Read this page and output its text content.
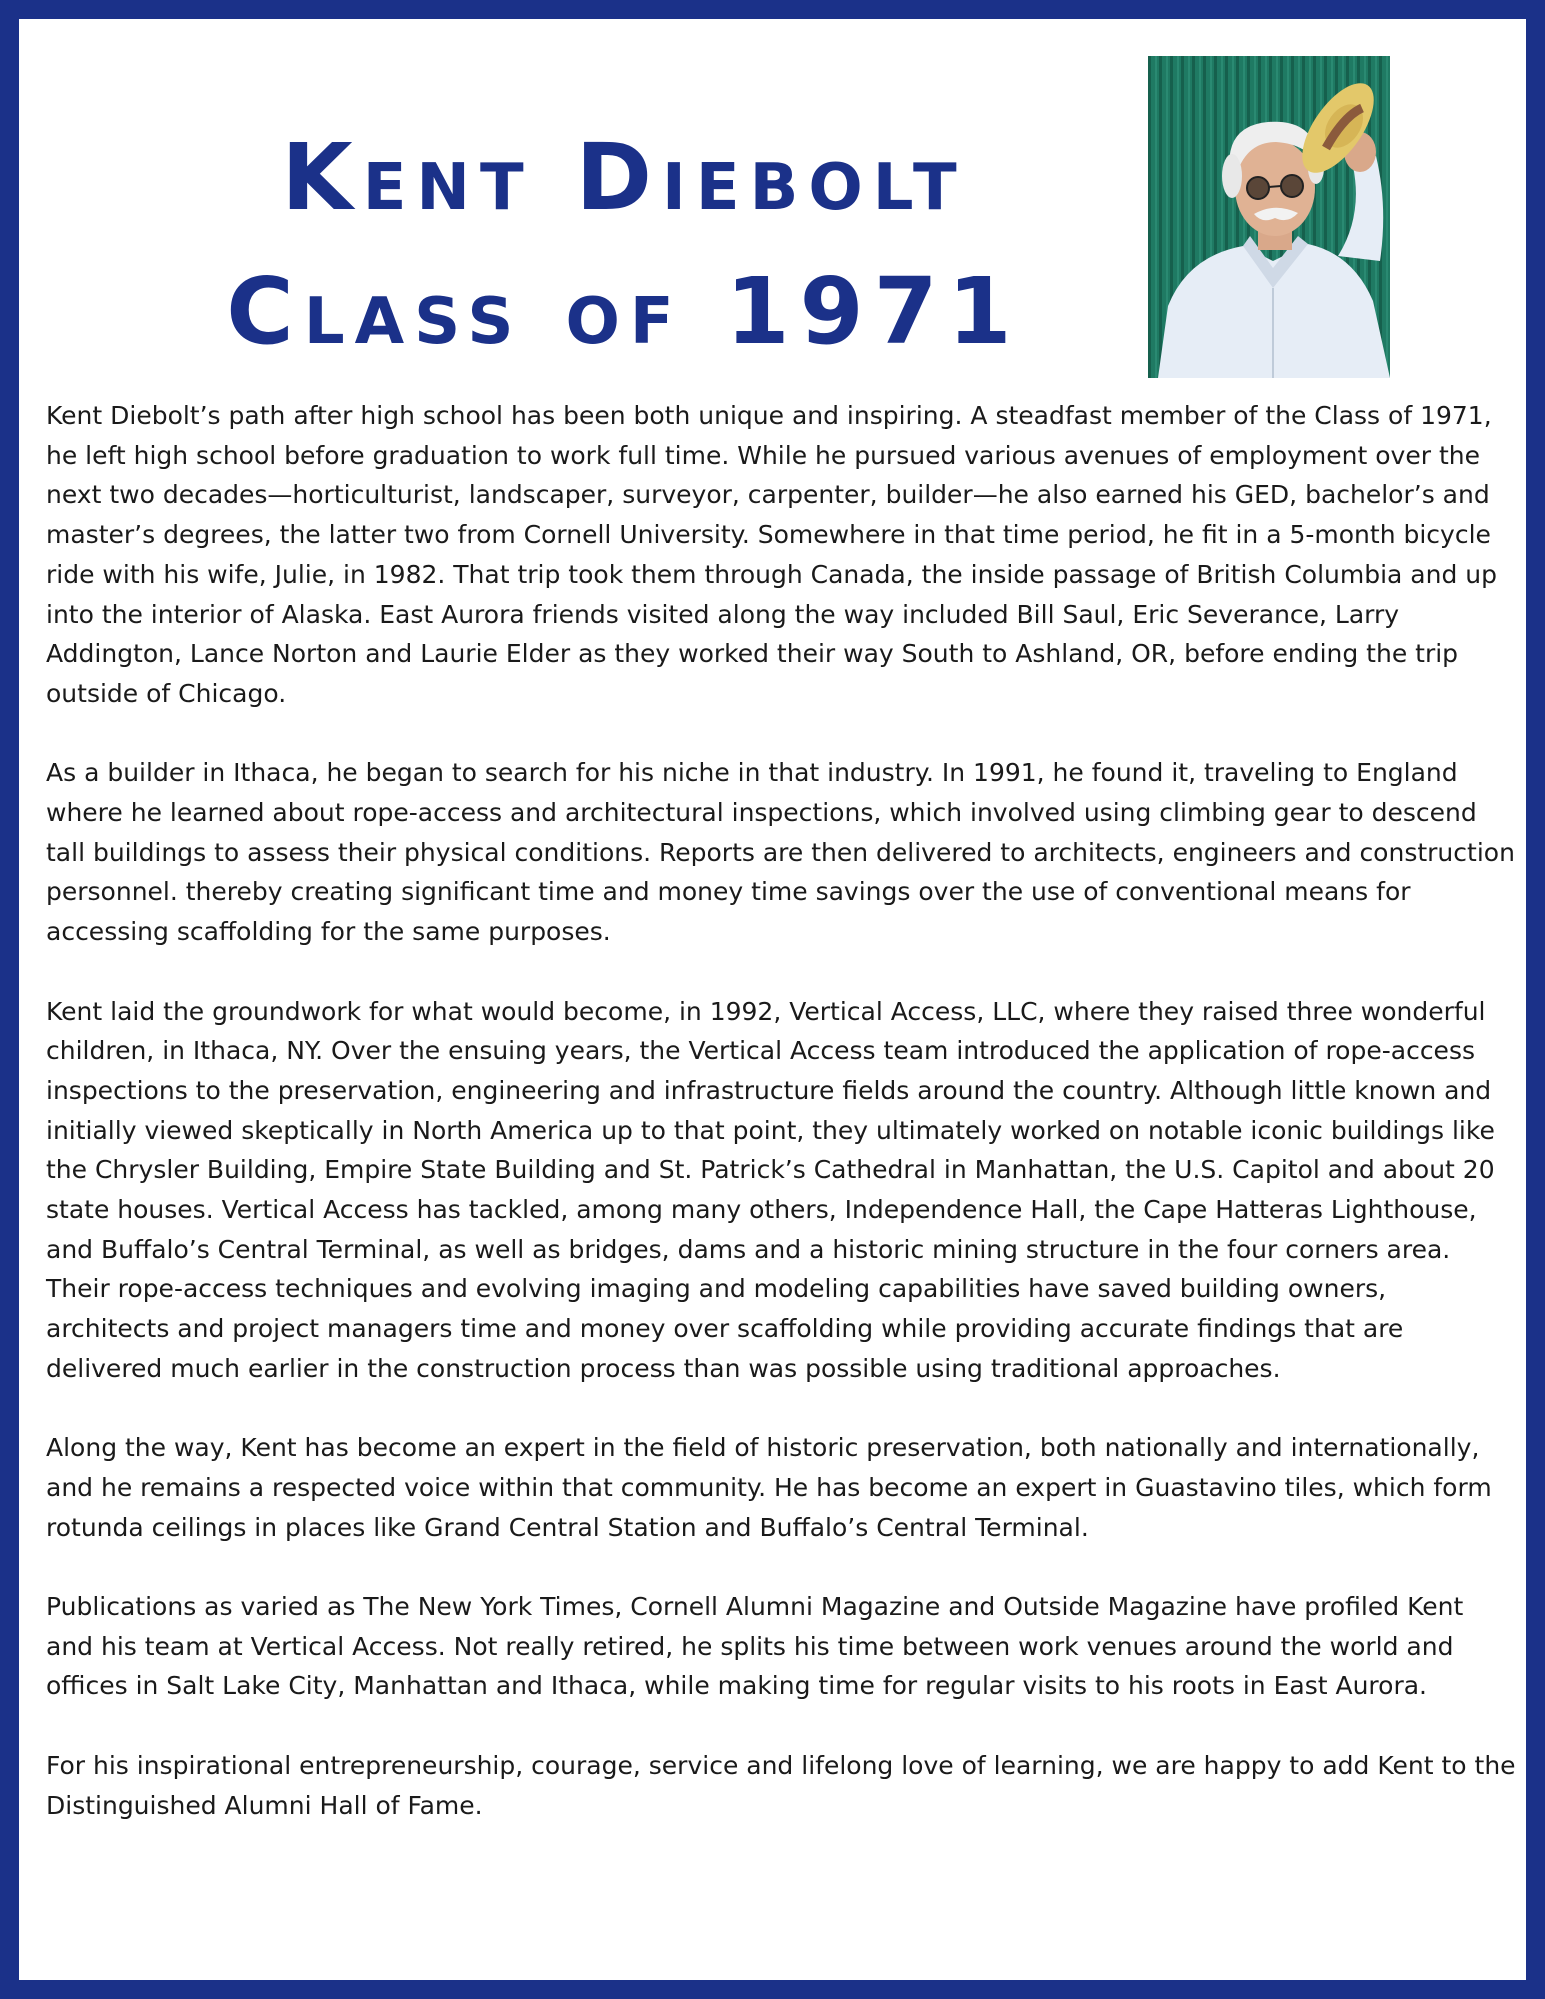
Kent Diebolt
Class of 1971

Kent Diebolt’s path after high school has been both unique and inspiring. A steadfast member of the Class of 1971, he left high school before graduation to work full time. While he pursued various avenues of employment over the next two decades—horticulturist, landscaper, surveyor, carpenter, builder—he also earned his GED, bachelor’s and master’s degrees, the latter two from Cornell University. Somewhere in that time period, he fit in a 5-month bicycle ride with his wife, Julie, in 1982. That trip took them through Canada, the inside passage of British Columbia and up into the interior of Alaska. East Aurora friends visited along the way included Bill Saul, Eric Severance, Larry Addington, Lance Norton and Laurie Elder as they worked their way South to Ashland, OR, before ending the trip outside of Chicago.

As a builder in Ithaca, he began to search for his niche in that industry. In 1991, he found it, traveling to England where he learned about rope-access and architectural inspections, which involved using climbing gear to descend tall buildings to assess their physical conditions. Reports are then delivered to architects, engineers and construction personnel. thereby creating significant time and money time savings over the use of conventional means for accessing scaffolding for the same purposes.

Kent laid the groundwork for what would become, in 1992, Vertical Access, LLC, where they raised three wonderful children, in Ithaca, NY. Over the ensuing years, the Vertical Access team introduced the application of rope-access inspections to the preservation, engineering and infrastructure fields around the country. Although little known and initially viewed skeptically in North America up to that point, they ultimately worked on notable iconic buildings like the Chrysler Building, Empire State Building and St. Patrick’s Cathedral in Manhattan, the U.S. Capitol and about 20 state houses. Vertical Access has tackled, among many others, Independence Hall, the Cape Hatteras Lighthouse, and Buffalo’s Central Terminal, as well as bridges, dams and a historic mining structure in the four corners area. Their rope-access techniques and evolving imaging and modeling capabilities have saved building owners, architects and project managers time and money over scaffolding while providing accurate findings that are delivered much earlier in the construction process than was possible using traditional approaches.

Along the way, Kent has become an expert in the field of historic preservation, both nationally and internationally, and he remains a respected voice within that community. He has become an expert in Guastavino tiles, which form rotunda ceilings in places like Grand Central Station and Buffalo’s Central Terminal.

Publications as varied as The New York Times, Cornell Alumni Magazine and Outside Magazine have profiled Kent and his team at Vertical Access. Not really retired, he splits his time between work venues around the world and offices in Salt Lake City, Manhattan and Ithaca, while making time for regular visits to his roots in East Aurora.

For his inspirational entrepreneurship, courage, service and lifelong love of learning, we are happy to add Kent to the Distinguished Alumni Hall of Fame.
